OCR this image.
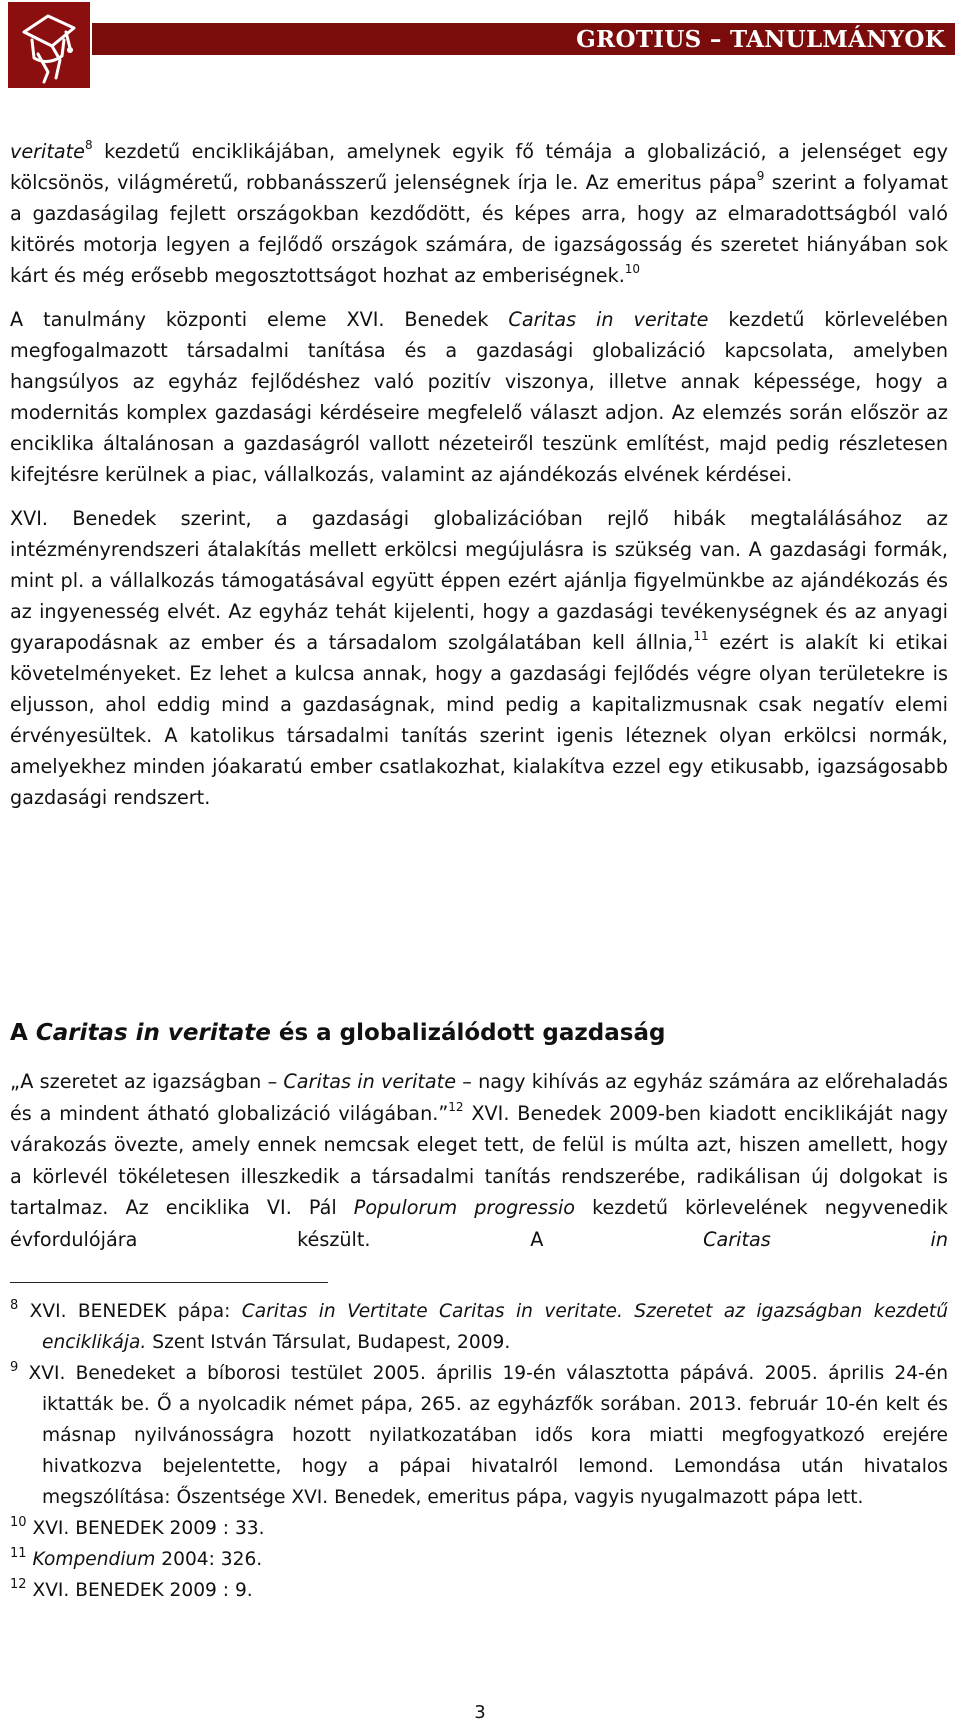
GROTIUS – TANULMÁNYOK

veritate$^8$ kezdetű enciklikájában, amelynek egyik fő témája a globalizáció, a jelenséget egy kölcsönös, világméretű, robbanásszerű jelenségnek írja le. Az emeritus pápa$^9$ szerint a folyamat a gazdaságilag fejlett országokban kezdődött, és képes arra, hogy az elmaradottságból való kitörés motorja legyen a fejlődő országok számára, de igazságosság és szeretet hiányában sok kárt és még erősebb megosztottságot hozhat az emberiségnek.$^{10}$

A tanulmány központi eleme XVI. Benedek Caritas in veritate kezdetű körlevelében megfogalmazott társadalmi tanítása és a gazdasági globalizáció kapcsolata, amelyben hangsúlyos az egyház fejlődéshez való pozitív viszonya, illetve annak képessége, hogy a modernitás komplex gazdasági kérdéseire megfelelő választ adjon. Az elemzés során először az enciklika általánosan a gazdaságról vallott nézeteiről teszünk említést, majd pedig részletesen kifejtésre kerülnek a piac, vállalkozás, valamint az ajándékozás elvének kérdései.

XVI. Benedek szerint, a gazdasági globalizációban rejlő hibák megtalálásához az intézményrendszeri átalakítás mellett erkölcsi megújulásra is szükség van. A gazdasági formák, mint pl. a vállalkozás támogatásával együtt éppen ezért ajánlja figyelmünkbe az ajándékozás és az ingyenesség elvét. Az egyház tehát kijelenti, hogy a gazdasági tevékenységnek és az anyagi gyarapodásnak az ember és a társadalom szolgálatában kell állnia,$^{11}$ ezért is alakít ki etikai követelményeket. Ez lehet a kulcsa annak, hogy a gazdasági fejlődés végre olyan területekre is eljusson, ahol eddig mind a gazdaságnak, mind pedig a kapitalizmusnak csak negatív elemi érvényesültek. A katolikus társadalmi tanítás szerint igenis léteznek olyan erkölcsi normák, amelyekhez minden jóakaratú ember csatlakozhat, kialakítva ezzel egy etikusabb, igazságosabb gazdasági rendszert.

A Caritas in veritate és a globalizálódott gazdaság

„A szeretet az igazságban – Caritas in veritate – nagy kihívás az egyház számára az előrehaladás és a mindent átható globalizáció világában.”$^{12}$ XVI. Benedek 2009-ben kiadott enciklikáját nagy várakozás övezte, amely ennek nemcsak eleget tett, de felül is múlta azt, hiszen amellett, hogy a körlevél tökéletesen illeszkedik a társadalmi tanítás rendszerébe, radikálisan új dolgokat is tartalmaz. Az enciklika VI. Pál Populorum progressio kezdetű körlevelének negyvenedik évfordulójára készült. A Caritas in

$^8$ XVI. BENEDEK pápa: Caritas in Vertitate Caritas in veritate. Szeretet az igazságban kezdetű enciklikája. Szent István Társulat, Budapest, 2009.

$^9$ XVI. Benedeket a bíborosi testület 2005. április 19-én választotta pápává. 2005. április 24-én iktatták be. Ő a nyolcadik német pápa, 265. az egyházfők sorában. 2013. február 10-én kelt és másnap nyilvánosságra hozott nyilatkozatában idős kora miatti megfogyatkozó erejére hivatkozva bejelentette, hogy a pápai hivatalról lemond. Lemondása után hivatalos megszólítása: Őszentsége XVI. Benedek, emeritus pápa, vagyis nyugalmazott pápa lett.

$^{10}$ XVI. BENEDEK 2009 : 33.

$^{11}$ Kompendium 2004: 326.

$^{12}$ XVI. BENEDEK 2009 : 9.

3
